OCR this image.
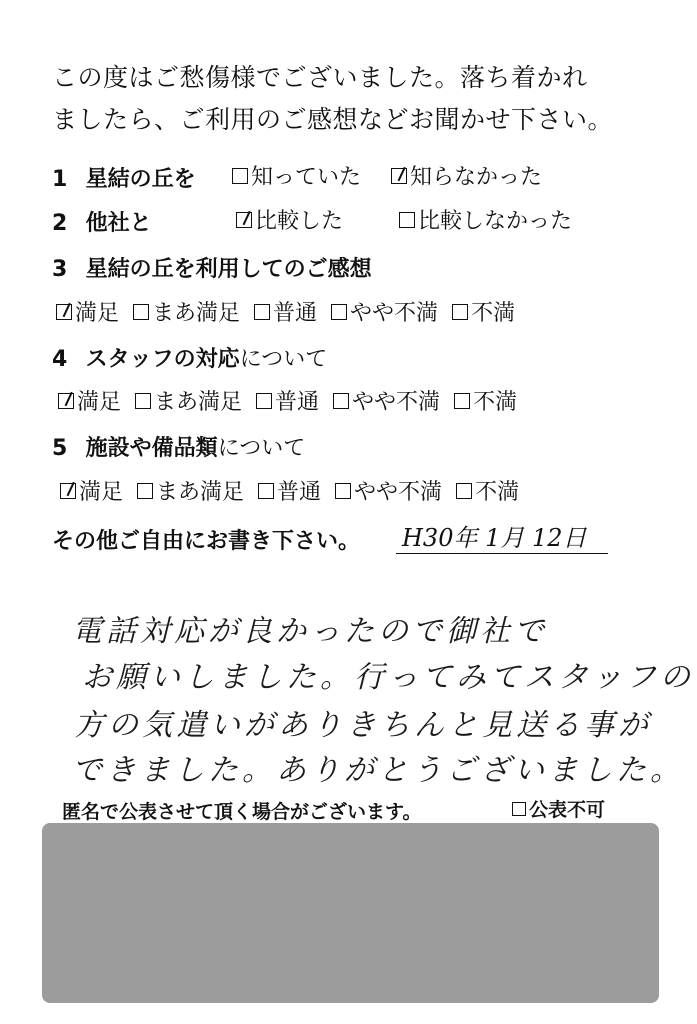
この度はご愁傷様でございました。落ち着かれ
ましたら、ご利用のご感想などお聞かせ下さい。
1 星結の丘を	知っていた 知らなかった
2 他社と	比較した	比較しなかった
3 星結の丘を利用してのご感想
満足 まあ満足 普通 やや不満 不満
4 スタッフの対応について
満足 まあ満足 普通 やや不満 不満
5 施設や備品類について
満足 まあ満足 普通 やや不満 不満
その他ご自由にお書き下さい。 H30年 1月 12日
電話対応が良かったので御社で
お願いしました。行ってみてスタッフの
方の気遣いがありきちんと見送る事が
できました。ありがとうございました。
匿名で公表させて頂く場合がございます。	公表不可
